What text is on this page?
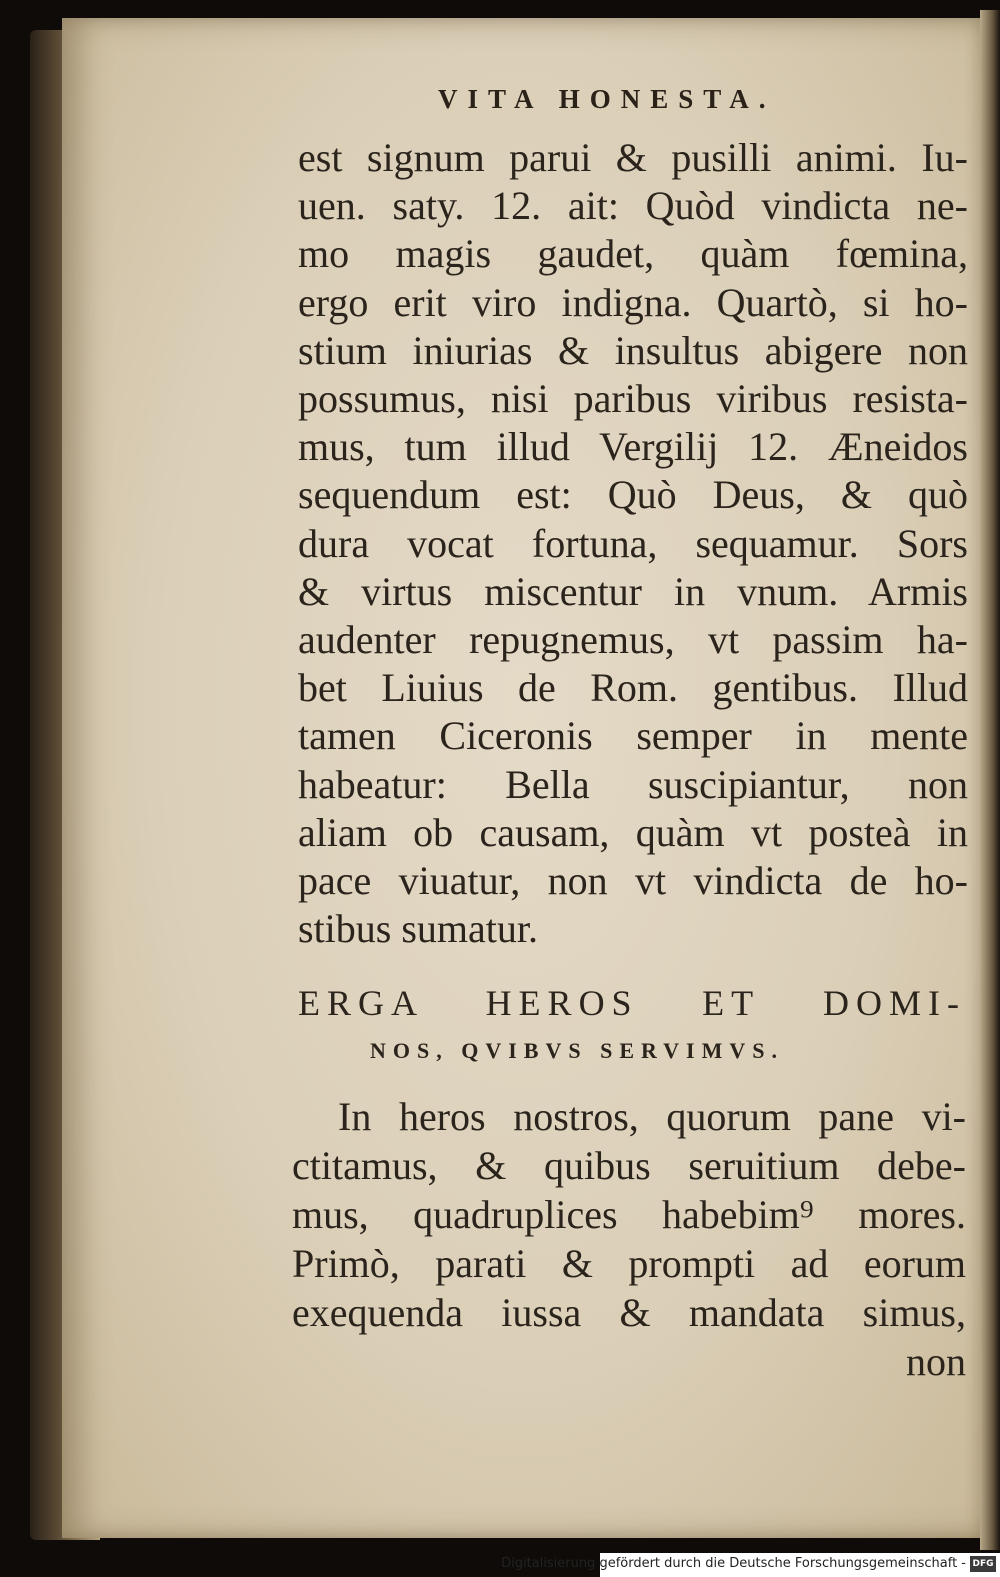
VITA HONESTA.
est signum parui & pusilli animi. Iu-
uen. saty. 12. ait: Quòd vindicta ne-
mo magis gaudet, quàm fœmina,
ergo erit viro indigna. Quartò, si ho-
stium iniurias & insultus abigere non
possumus, nisi paribus viribus resista-
mus, tum illud Vergilij 12. Æneidos
sequendum est: Quò Deus, & quò
dura vocat fortuna, sequamur. Sors
& virtus miscentur in vnum. Armis
audenter repugnemus, vt passim ha-
bet Liuius de Rom. gentibus. Illud
tamen Ciceronis semper in mente
habeatur: Bella suscipiantur, non
aliam ob causam, quàm vt posteà in
pace viuatur, non vt vindicta de ho-
stibus sumatur.
ERGA HEROS ET DOMI-
NOS, QVIBVS SERVIMVS.
In heros nostros, quorum pane vi-
ctitamus, & quibus seruitium debe-
mus, quadruplices habebim⁹ mores.
Primò, parati & prompti ad eorum
exequenda iussa & mandata simus,
non
Digitalisierung gefördert durch die Deutsche Forschungsgemeinschaft - DFG
